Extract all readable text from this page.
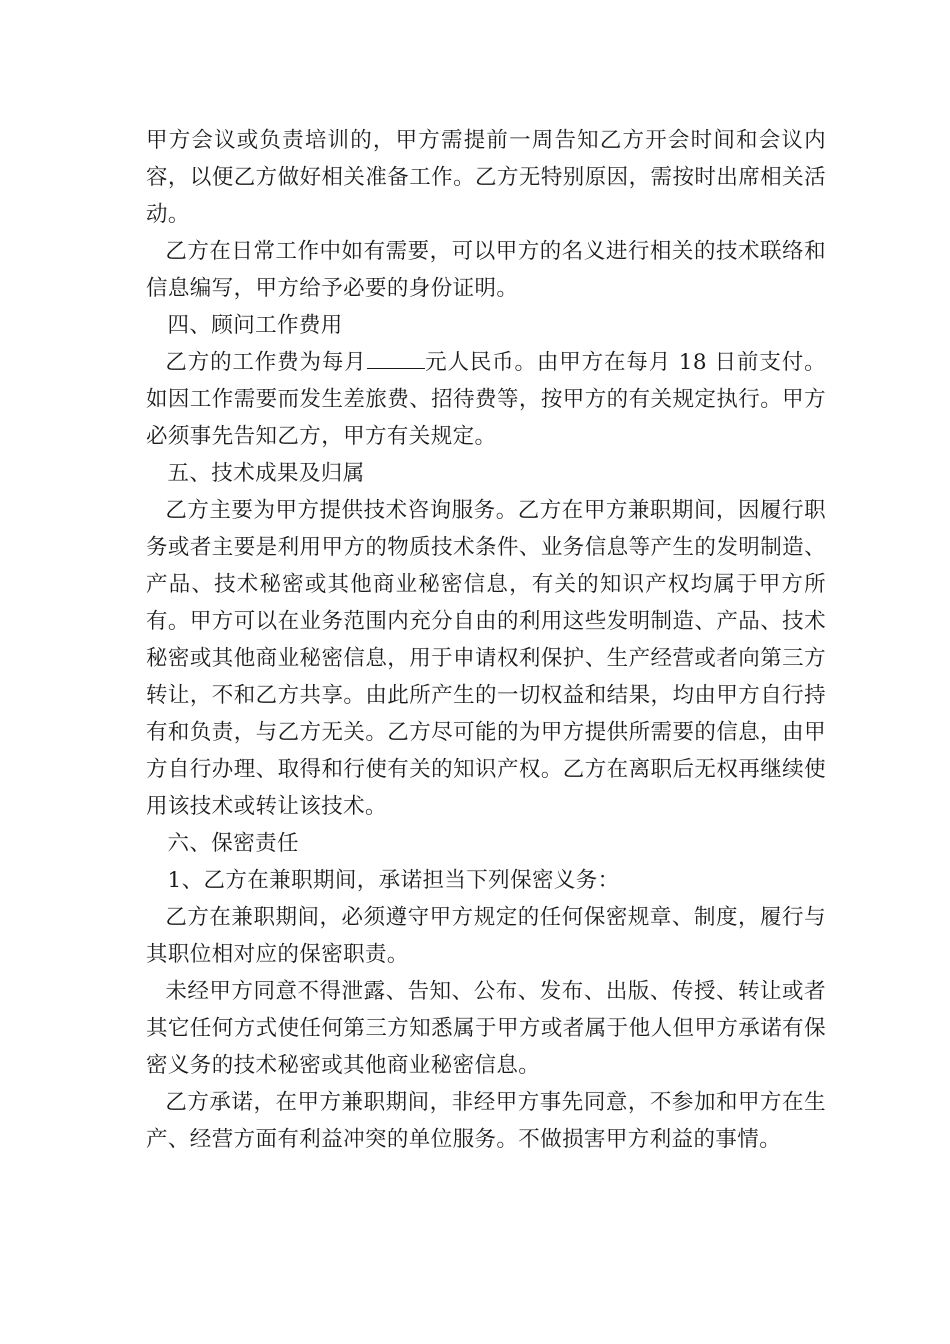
甲方会议或负责培训的，甲方需提前一周告知乙方开会时间和会议内容，以便乙方做好相关准备工作。乙方无特别原因，需按时出席相关活动。

乙方在日常工作中如有需要，可以甲方的名义进行相关的技术联络和信息编写，甲方给予必要的身份证明。

四、顾问工作费用

乙方的工作费为每月	元人民币。由甲方在每月 18 日前支付。如因工作需要而发生差旅费、招待费等，按甲方的有关规定执行。甲方必须事先告知乙方，甲方有关规定。

五、技术成果及归属

乙方主要为甲方提供技术咨询服务。乙方在甲方兼职期间，因履行职务或者主要是利用甲方的物质技术条件、业务信息等产生的发明制造、产品、技术秘密或其他商业秘密信息，有关的知识产权均属于甲方所有。甲方可以在业务范围内充分自由的利用这些发明制造、产品、技术秘密或其他商业秘密信息，用于申请权利保护、生产经营或者向第三方转让，不和乙方共享。由此所产生的一切权益和结果，均由甲方自行持有和负责，与乙方无关。乙方尽可能的为甲方提供所需要的信息，由甲方自行办理、取得和行使有关的知识产权。乙方在离职后无权再继续使用该技术或转让该技术。

六、保密责任

1、乙方在兼职期间，承诺担当下列保密义务：

乙方在兼职期间，必须遵守甲方规定的任何保密规章、制度，履行与其职位相对应的保密职责。

未经甲方同意不得泄露、告知、公布、发布、出版、传授、转让或者其它任何方式使任何第三方知悉属于甲方或者属于他人但甲方承诺有保密义务的技术秘密或其他商业秘密信息。

乙方承诺，在甲方兼职期间，非经甲方事先同意，不参加和甲方在生产、经营方面有利益冲突的单位服务。不做损害甲方利益的事情。
